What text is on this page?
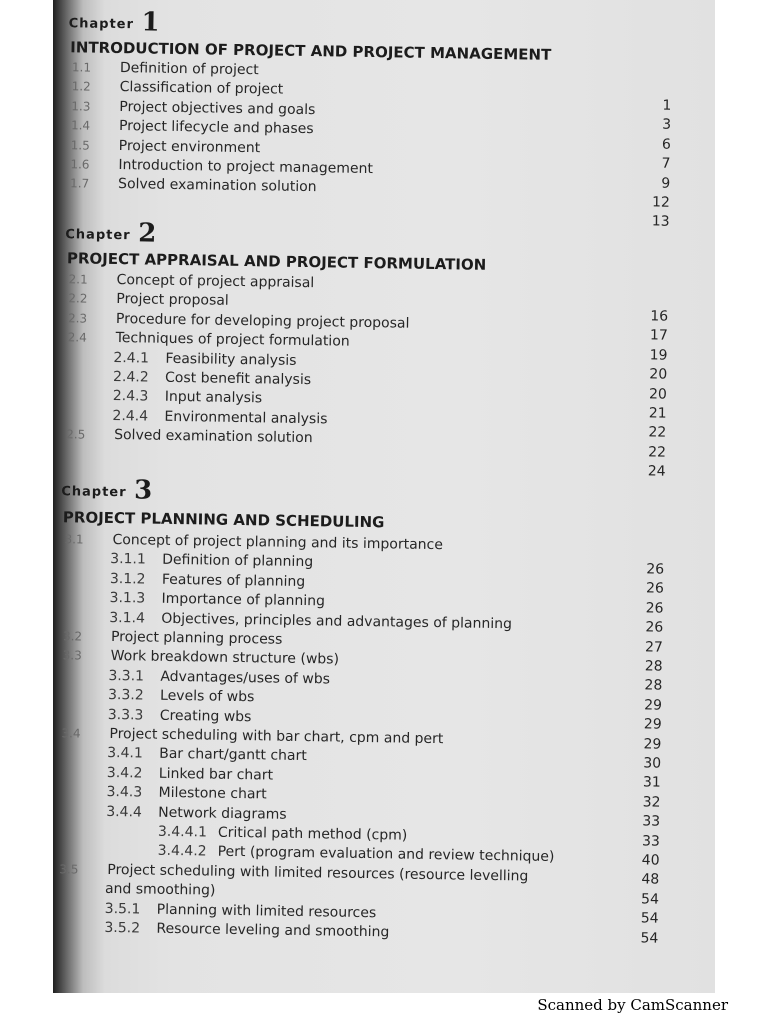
Chapter 1
INTRODUCTION OF PROJECT AND PROJECT MANAGEMENT
1.1 Definition of project
1.2 Classification of project
1.3 Project objectives and goals
1.4 Project lifecycle and phases
1.5 Project environment
1.6 Introduction to project management
1.7 Solved examination solution
1
3
6
7
9
12
13
Chapter 2
PROJECT APPRAISAL AND PROJECT FORMULATION
2.1 Concept of project appraisal
2.2 Project proposal
2.3 Procedure for developing project proposal
2.4 Techniques of project formulation
2.4.1 Feasibility analysis
2.4.2 Cost benefit analysis
2.4.3 Input analysis
2.4.4 Environmental analysis
2.5 Solved examination solution
16
17
19
20
20
21
22
22
24
Chapter 3
PROJECT PLANNING AND SCHEDULING
3.1 Concept of project planning and its importance
3.1.1 Definition of planning
3.1.2 Features of planning
3.1.3 Importance of planning
3.1.4 Objectives, principles and advantages of planning
3.2 Project planning process
3.3 Work breakdown structure (wbs)
3.3.1 Advantages/uses of wbs
3.3.2 Levels of wbs
3.3.3 Creating wbs
3.4 Project scheduling with bar chart, cpm and pert
3.4.1 Bar chart/gantt chart
3.4.2 Linked bar chart
3.4.3 Milestone chart
3.4.4 Network diagrams
3.4.4.1 Critical path method (cpm)
3.4.4.2 Pert (program evaluation and review technique)
3.5 Project scheduling with limited resources (resource levelling
and smoothing)
3.5.1 Planning with limited resources
3.5.2 Resource leveling and smoothing
26
26
26
26
27
28
28
29
29
29
30
31
32
33
33
40
48
54
54
54
Scanned by CamScanner
